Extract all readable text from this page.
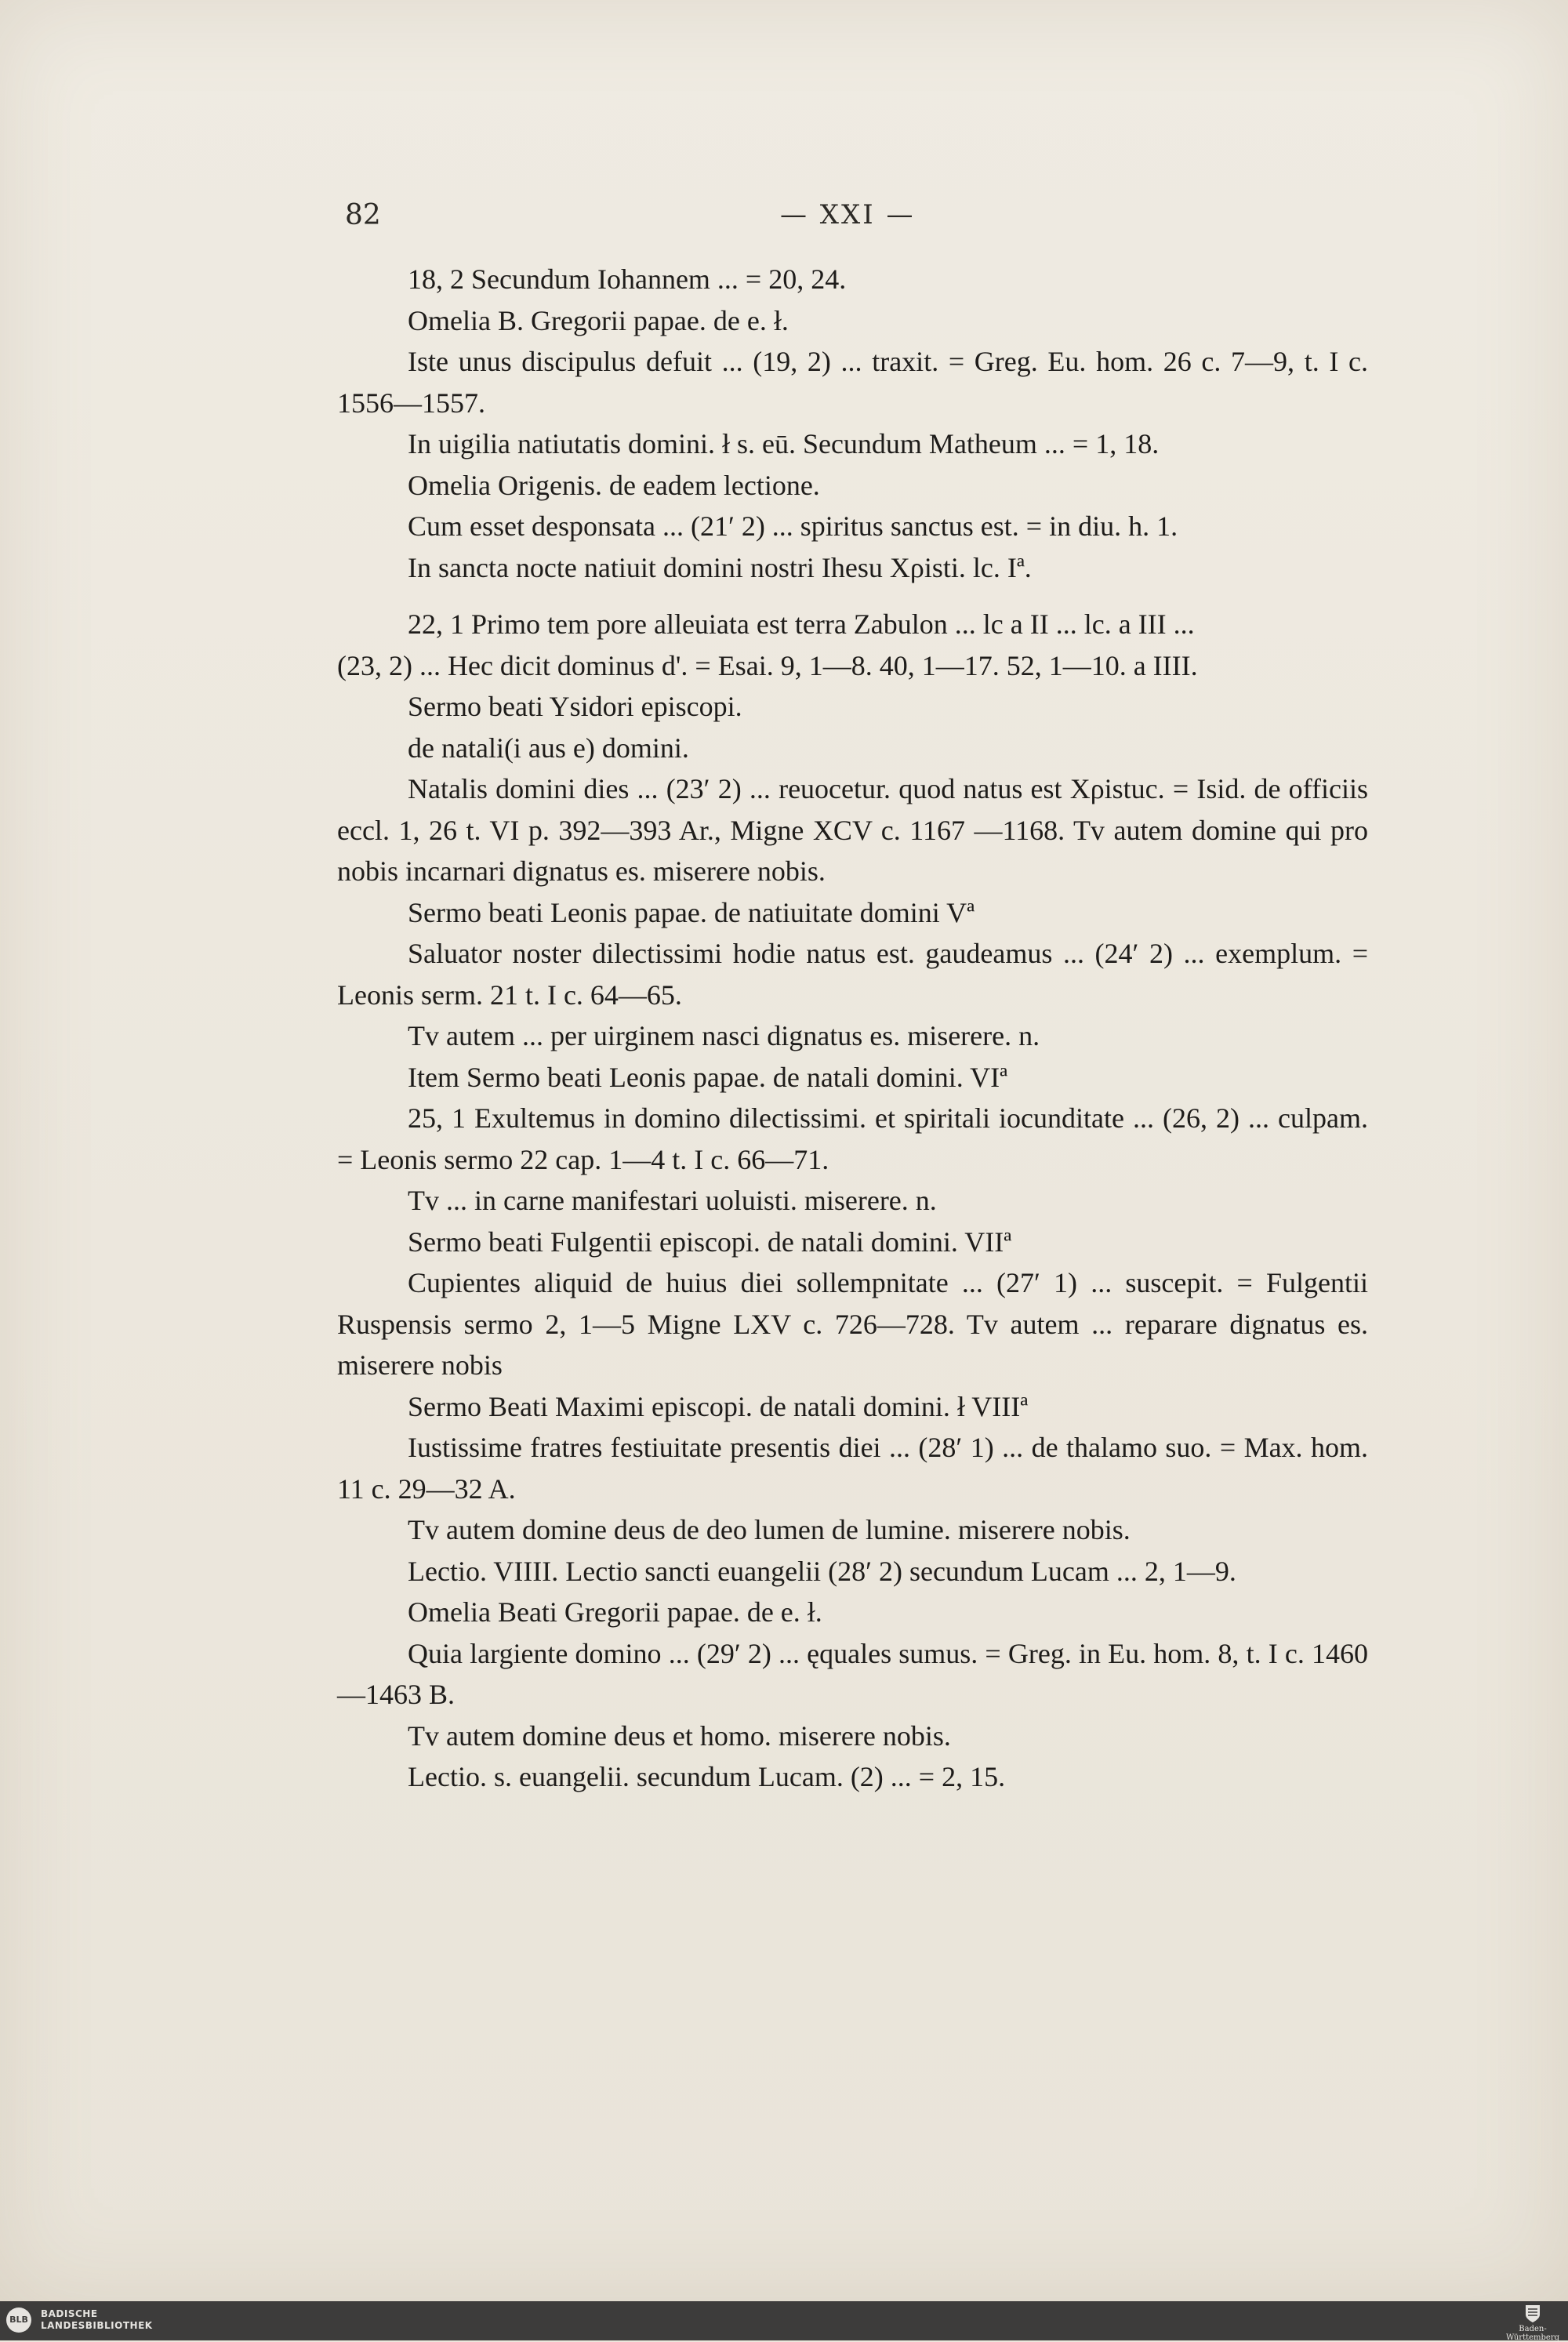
82	— XXI —

18, 2 Secundum Iohannem ... = 20, 24.

Omelia B. Gregorii papae. de e. ł.

Iste unus discipulus defuit ... (19, 2) ... traxit. = Greg. Eu. hom. 26 c. 7—9, t. I c. 1556—1557.

In uigilia natiutatis domini. ł s. eū. Secundum Matheum ... = 1, 18.

Omelia Origenis. de eadem lectione.

Cum esset desponsata ... (21′ 2) ... spiritus sanctus est. = in diu. h. 1.

In sancta nocte natiuit domini nostri Ihesu Χρisti. lc. Iª.

22, 1 Primo tem pore alleuiata est terra Zabulon ... lc a II ... lc. a III ...

(23, 2) ... Hec dicit dominus d'. = Esai. 9, 1—8. 40, 1—17. 52, 1—10. a IIII.

Sermo beati Ysidori episcopi.

de natali(i aus e) domini.

Natalis domini dies ... (23′ 2) ... reuocetur. quod natus est Χρistuc. = Isid. de officiis eccl. 1, 26 t. VI p. 392—393 Ar., Migne XCV c. 1167 —1168. Tv autem domine qui pro nobis incarnari dignatus es. miserere nobis.

Sermo beati Leonis papae. de natiuitate domini Vª

Saluator noster dilectissimi hodie natus est. gaudeamus ... (24′ 2) ... exemplum. = Leonis serm. 21 t. I c. 64—65.

Tv autem ... per uirginem nasci dignatus es. miserere. n.

Item Sermo beati Leonis papae. de natali domini. VIª

25, 1 Exultemus in domino dilectissimi. et spiritali iocunditate ... (26, 2) ... culpam. = Leonis sermo 22 cap. 1—4 t. I c. 66—71.

Tv ... in carne manifestari uoluisti. miserere. n.

Sermo beati Fulgentii episcopi. de natali domini. VIIª

Cupientes aliquid de huius diei sollempnitate ... (27′ 1) ... suscepit. = Fulgentii Ruspensis sermo 2, 1—5 Migne LXV c. 726—728. Tv autem ... reparare dignatus es. miserere nobis

Sermo Beati Maximi episcopi. de natali domini. ł VIIIª

Iustissime fratres festiuitate presentis diei ... (28′ 1) ... de thalamo suo. = Max. hom. 11 c. 29—32 A.

Tv autem domine deus de deo lumen de lumine. miserere nobis.

Lectio. VIIII. Lectio sancti euangelii (28′ 2) secundum Lucam ... 2, 1—9.

Omelia Beati Gregorii papae. de e. ł.

Quia largiente domino ... (29′ 2) ... ęquales sumus. = Greg. in Eu. hom. 8, t. I c. 1460—1463 B.

Tv autem domine deus et homo. miserere nobis.

Lectio. s. euangelii. secundum Lucam. (2) ... = 2, 15.

BLB
BADISCHE
LANDESBIBLIOTHEK	Baden-Württemberg
